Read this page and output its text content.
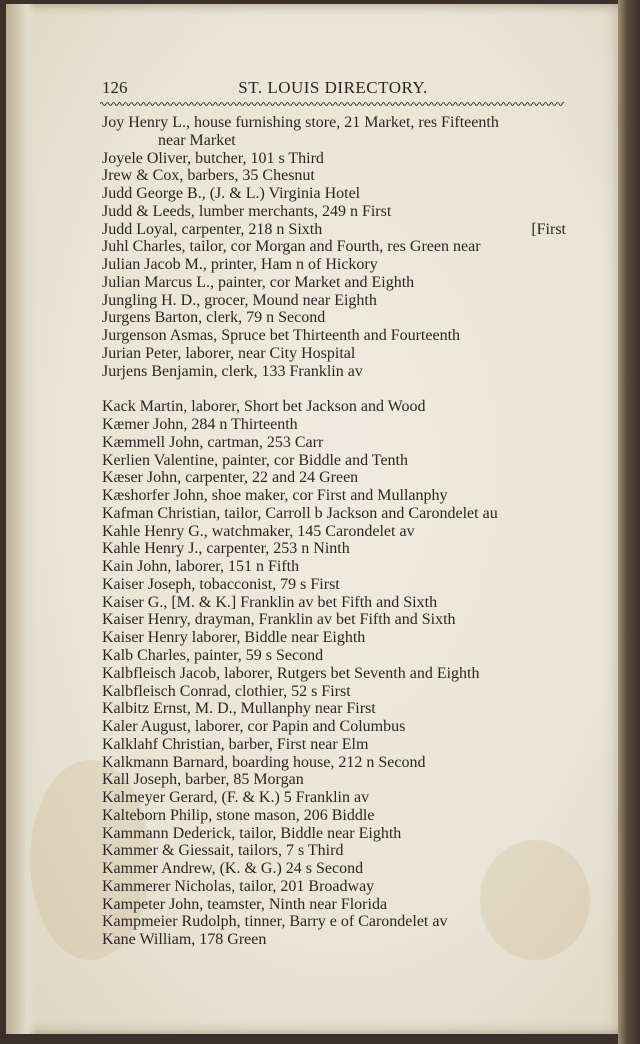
126	ST. LOUIS DIRECTORY.
Joy Henry L., house furnishing store, 21 Market, res Fifteenth
near Market
Joyele Oliver, butcher, 101 s Third
Jrew & Cox, barbers, 35 Chesnut
Judd George B., (J. & L.) Virginia Hotel
Judd & Leeds, lumber merchants, 249 n First
Judd Loyal, carpenter, 218 n Sixth	[First
Juhl Charles, tailor, cor Morgan and Fourth, res Green near
Julian Jacob M., printer, Ham n of Hickory
Julian Marcus L., painter, cor Market and Eighth
Jungling H. D., grocer, Mound near Eighth
Jurgens Barton, clerk, 79 n Second
Jurgenson Asmas, Spruce bet Thirteenth and Fourteenth
Jurian Peter, laborer, near City Hospital
Jurjens Benjamin, clerk, 133 Franklin av
Kack Martin, laborer, Short bet Jackson and Wood
Kæmer John, 284 n Thirteenth
Kæmmell John, cartman, 253 Carr
Kerlien Valentine, painter, cor Biddle and Tenth
Kæser John, carpenter, 22 and 24 Green
Kæshorfer John, shoe maker, cor First and Mullanphy
Kafman Christian, tailor, Carroll b Jackson and Carondelet au
Kahle Henry G., watchmaker, 145 Carondelet av
Kahle Henry J., carpenter, 253 n Ninth
Kain John, laborer, 151 n Fifth
Kaiser Joseph, tobacconist, 79 s First
Kaiser G., [M. & K.] Franklin av bet Fifth and Sixth
Kaiser Henry, drayman, Franklin av bet Fifth and Sixth
Kaiser Henry laborer, Biddle near Eighth
Kalb Charles, painter, 59 s Second
Kalbfleisch Jacob, laborer, Rutgers bet Seventh and Eighth
Kalbfleisch Conrad, clothier, 52 s First
Kalbitz Ernst, M. D., Mullanphy near First
Kaler August, laborer, cor Papin and Columbus
Kalklahf Christian, barber, First near Elm
Kalkmann Barnard, boarding house, 212 n Second
Kall Joseph, barber, 85 Morgan
Kalmeyer Gerard, (F. & K.) 5 Franklin av
Kalteborn Philip, stone mason, 206 Biddle
Kammann Dederick, tailor, Biddle near Eighth
Kammer & Giessait, tailors, 7 s Third
Kammer Andrew, (K. & G.) 24 s Second
Kammerer Nicholas, tailor, 201 Broadway
Kampeter John, teamster, Ninth near Florida
Kampmeier Rudolph, tinner, Barry e of Carondelet av
Kane William, 178 Green
